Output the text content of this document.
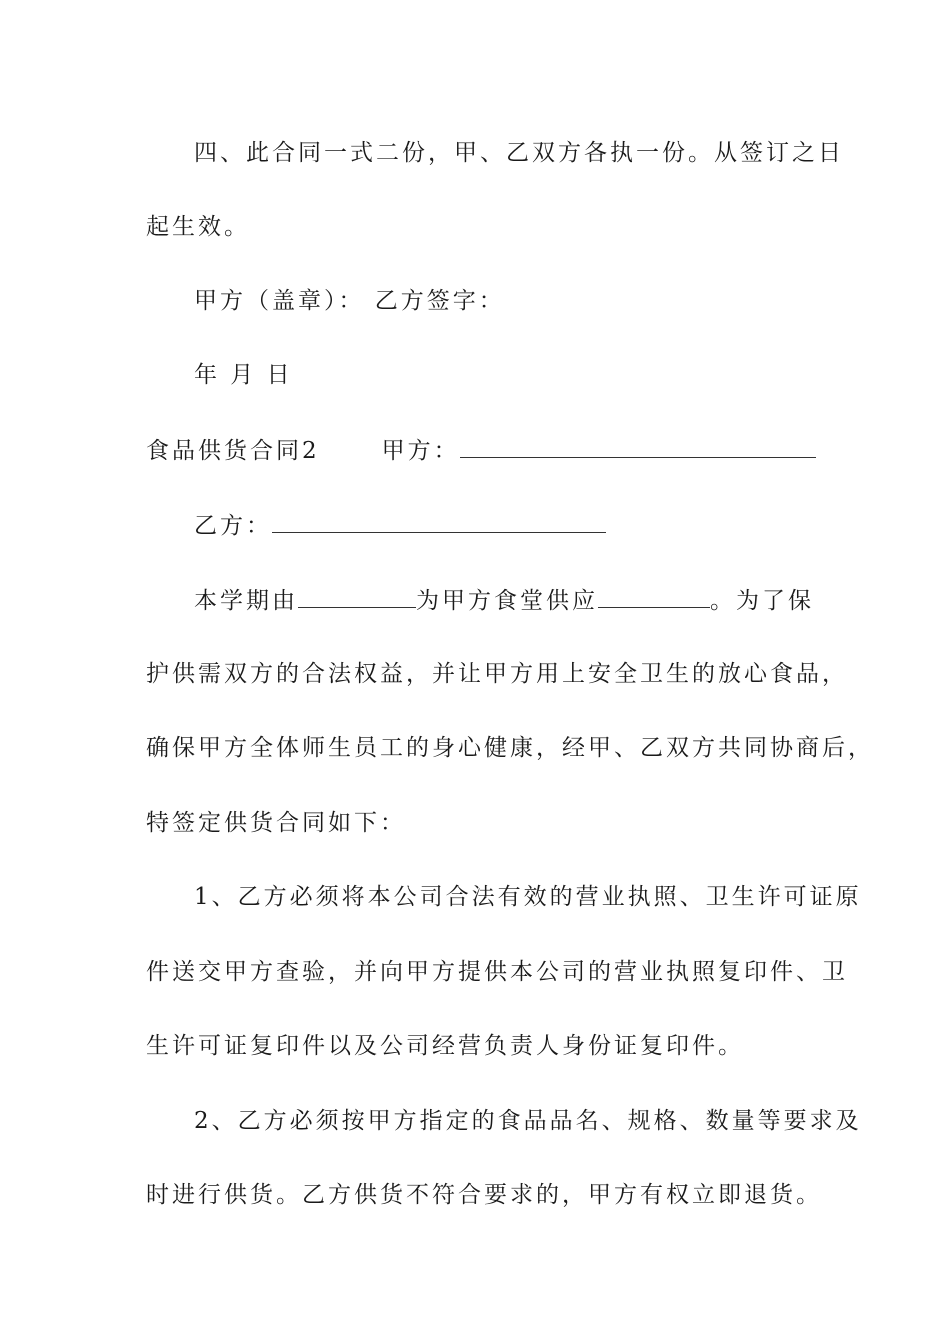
四、此合同一式二份，甲、乙双方各执一份。从签订之日
起生效。
甲方（盖章）： 乙方签字：
年 月 日
食品供货合同2	甲方：
乙方：
本学期由	为甲方食堂供应	。为了保
护供需双方的合法权益，并让甲方用上安全卫生的放心食品，
确保甲方全体师生员工的身心健康，经甲、乙双方共同协商后，
特签定供货合同如下：
1、乙方必须将本公司合法有效的营业执照、卫生许可证原
件送交甲方查验，并向甲方提供本公司的营业执照复印件、卫
生许可证复印件以及公司经营负责人身份证复印件。
2、乙方必须按甲方指定的食品品名、规格、数量等要求及
时进行供货。乙方供货不符合要求的，甲方有权立即退货。
